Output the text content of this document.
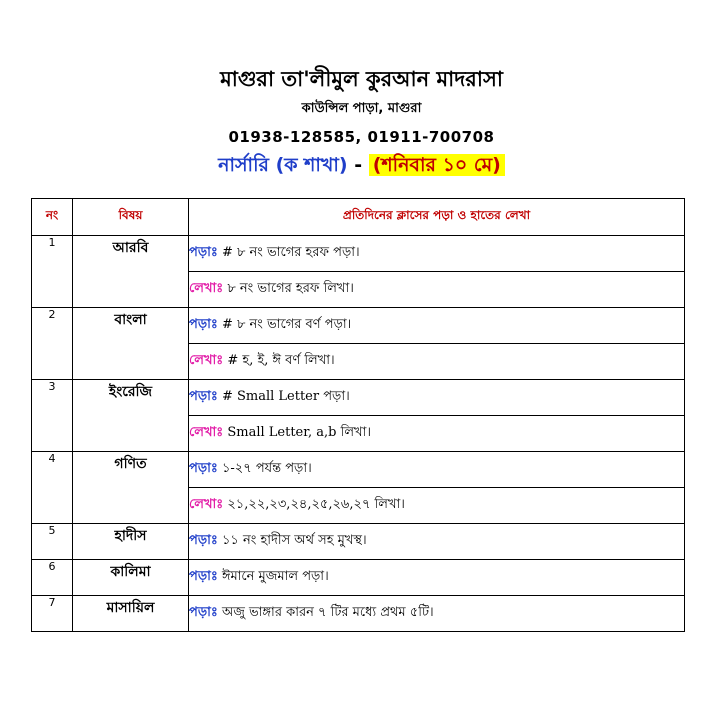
মাগুরা তা'লীমুল কুরআন মাদরাসা
কাউন্সিল পাড়া, মাগুরা
01938-128585, 01911-700708
নার্সারি (ক শাখা) - (শনিবার ১০ মে)
নং	বিষয়	প্রতিদিনের ক্লাসের পড়া ও হাতের লেখা
1	আরবি	পড়াঃ # ৮ নং ভাগের হরফ পড়া।
		লেখাঃ ৮ নং ভাগের হরফ লিখা।
2	বাংলা	পড়াঃ # ৮ নং ভাগের বর্ণ পড়া।
		লেখাঃ # হ, ই, ঈ বর্ণ লিখা।
3	ইংরেজি	পড়াঃ # Small Letter পড়া।
		লেখাঃ Small Letter, a,b লিখা।
4	গণিত	পড়াঃ ১-২৭ পর্যন্ত পড়া।
		লেখাঃ ২১,২২,২৩,২৪,২৫,২৬,২৭ লিখা।
5	হাদীস	পড়াঃ ১১ নং হাদীস অর্থ সহ মুখস্থ।
6	কালিমা	পড়াঃ ঈমানে মুজমাল পড়া।
7	মাসায়িল	পড়াঃ অজু ভাঙ্গার কারন ৭ টির মধ্যে প্রথম ৫টি।
